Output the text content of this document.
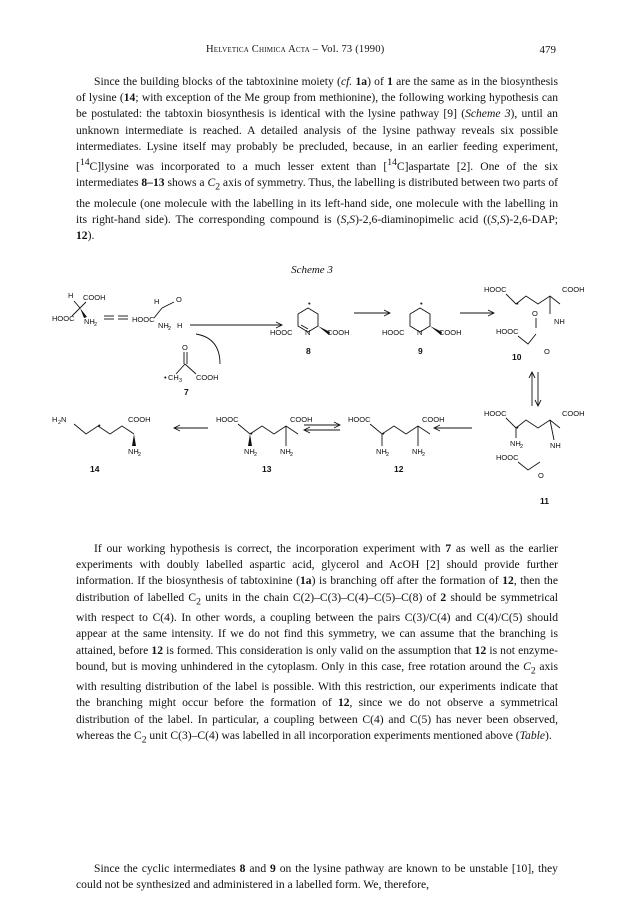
Helvetica Chimica Acta – Vol. 73 (1990)	479

Since the building blocks of the tabtoxinine moiety (cf. 1a) of 1 are the same as in the biosynthesis of lysine (14; with exception of the Me group from methionine), the following working hypothesis can be postulated: the tabtoxin biosynthesis is identical with the lysine pathway [9] (Scheme 3), until an unknown intermediate is reached. A detailed analysis of the lysine pathway reveals six possible intermediates. Lysine itself may probably be precluded, because, in an earlier feeding experiment, [$^{14}$C]lysine was incorporated to a much lesser extent than [$^{14}$C]aspartate [2]. One of the six intermediates 8–13 shows a $C_2$ axis of symmetry. Thus, the labelling is distributed between two parts of the molecule (one molecule with the labelling in its left-hand side, one molecule with the labelling in its right-hand side). The corresponding compound is (S,S)-2,6-diaminopimelic acid ((S,S)-2,6-DAP; 12).

Scheme 3
H COOH
HOOC NH 2
HOOC
H O
NH 2 H
O
• CH 3 COOH
7
N
•
HOOC	COOH
8
N
•
HOOC	COOH
9
HOOC
•
COOH
NH
O
HOOC
O
10
HOOC
•
COOH
NH 2	NH
HOOC
O
11
HOOC
•
COOH
NH 2	NH 2
12
HOOC
•
COOH
NH 2	NH 2
13
H 2 N
•
COOH
NH 2
14

If our working hypothesis is correct, the incorporation experiment with 7 as well as the earlier experiments with doubly labelled aspartic acid, glycerol and AcOH [2] should provide further information. If the biosynthesis of tabtoxinine (1a) is branching off after the formation of 12, then the distribution of labelled $C_2$ units in the chain C(2)–C(3)–C(4)–C(5)–C(8) of 2 should be symmetrical with respect to C(4). In other words, a coupling between the pairs C(3)/C(4) and C(4)/C(5) should appear at the same intensity. If we do not find this symmetry, we can assume that the branching is attained, before 12 is formed. This consideration is only valid on the assumption that 12 is not enzyme-bound, but is moving unhindered in the cytoplasm. Only in this case, free rotation around the $C_2$ axis with resulting distribution of the label is possible. With this restriction, our experiments indicate that the branching might occur before the formation of 12, since we do not observe a symmetrical distribution of the label. In particular, a coupling between C(4) and C(5) has never been observed, whereas the $C_2$ unit C(3)–C(4) was labelled in all incorporation experiments mentioned above (Table).

Since the cyclic intermediates 8 and 9 on the lysine pathway are known to be unstable [10], they could not be synthesized and administered in a labelled form. We, therefore,
